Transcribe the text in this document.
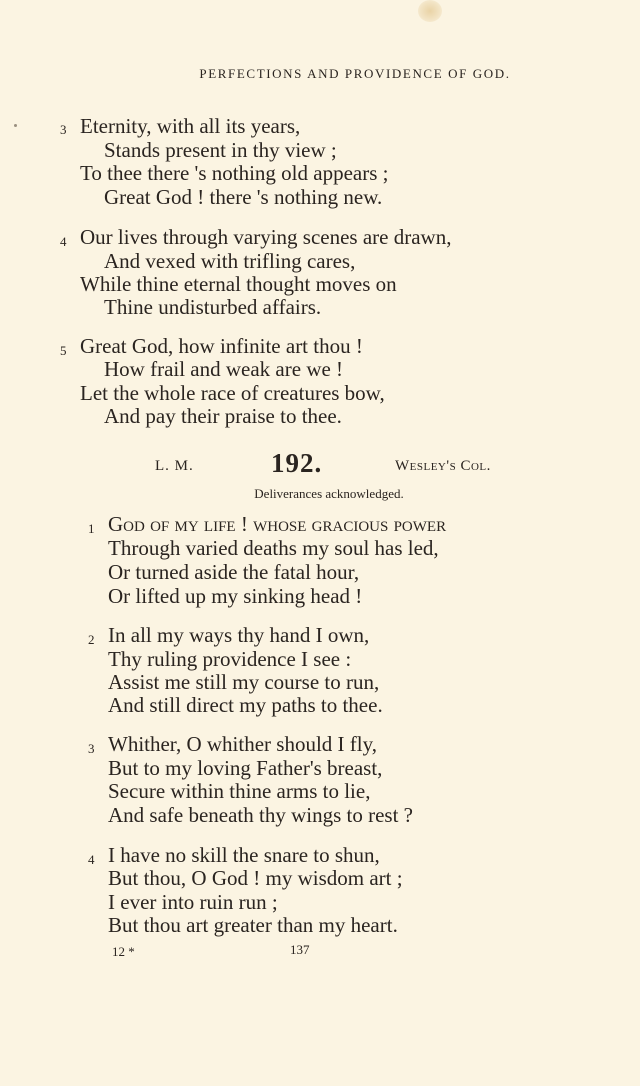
PERFECTIONS AND PROVIDENCE OF GOD.
3 Eternity, with all its years,
Stands present in thy view ;
To thee there 's nothing old appears ;
Great God ! there 's nothing new.
4 Our lives through varying scenes are drawn,
And vexed with trifling cares,
While thine eternal thought moves on
Thine undisturbed affairs.
5 Great God, how infinite art thou !
How frail and weak are we !
Let the whole race of creatures bow,
And pay their praise to thee.
L. M.	192.	Wesley's Col.
Deliverances acknowledged.
1 God of my life ! whose gracious power
Through varied deaths my soul has led,
Or turned aside the fatal hour,
Or lifted up my sinking head !
2 In all my ways thy hand I own,
Thy ruling providence I see :
Assist me still my course to run,
And still direct my paths to thee.
3 Whither, O whither should I fly,
But to my loving Father's breast,
Secure within thine arms to lie,
And safe beneath thy wings to rest ?
4 I have no skill the snare to shun,
But thou, O God ! my wisdom art ;
I ever into ruin run ;
But thou art greater than my heart.
12 *	137
